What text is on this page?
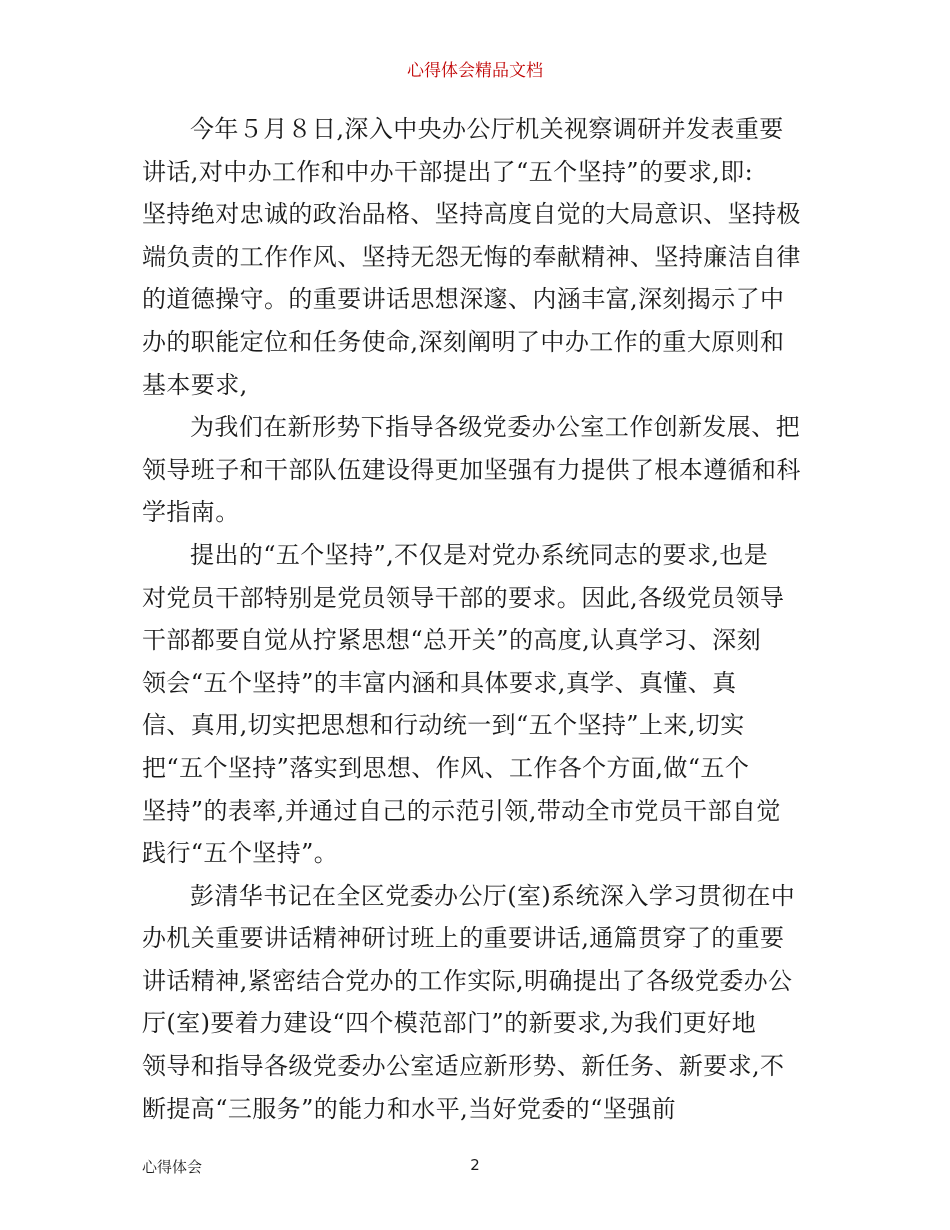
心得体会精品文档
今年５月８日,深入中央办公厅机关视察调研并发表重要
讲话,对中办工作和中办干部提出了“五个坚持”的要求,即:
坚持绝对忠诚的政治品格、坚持高度自觉的大局意识、坚持极
端负责的工作作风、坚持无怨无悔的奉献精神、坚持廉洁自律
的道德操守。的重要讲话思想深邃、内涵丰富,深刻揭示了中
办的职能定位和任务使命,深刻阐明了中办工作的重大原则和
基本要求,
为我们在新形势下指导各级党委办公室工作创新发展、把
领导班子和干部队伍建设得更加坚强有力提供了根本遵循和科
学指南。
提出的“五个坚持”,不仅是对党办系统同志的要求,也是
对党员干部特别是党员领导干部的要求。因此,各级党员领导
干部都要自觉从拧紧思想“总开关”的高度,认真学习、深刻
领会“五个坚持”的丰富内涵和具体要求,真学、真懂、真
信、真用,切实把思想和行动统一到“五个坚持”上来,切实
把“五个坚持”落实到思想、作风、工作各个方面,做“五个
坚持”的表率,并通过自己的示范引领,带动全市党员干部自觉
践行“五个坚持”。
彭清华书记在全区党委办公厅(室)系统深入学习贯彻在中
办机关重要讲话精神研讨班上的重要讲话,通篇贯穿了的重要
讲话精神,紧密结合党办的工作实际,明确提出了各级党委办公
厅(室)要着力建设“四个模范部门”的新要求,为我们更好地
领导和指导各级党委办公室适应新形势、新任务、新要求,不
断提高“三服务”的能力和水平,当好党委的“坚强前
心得体会	2
